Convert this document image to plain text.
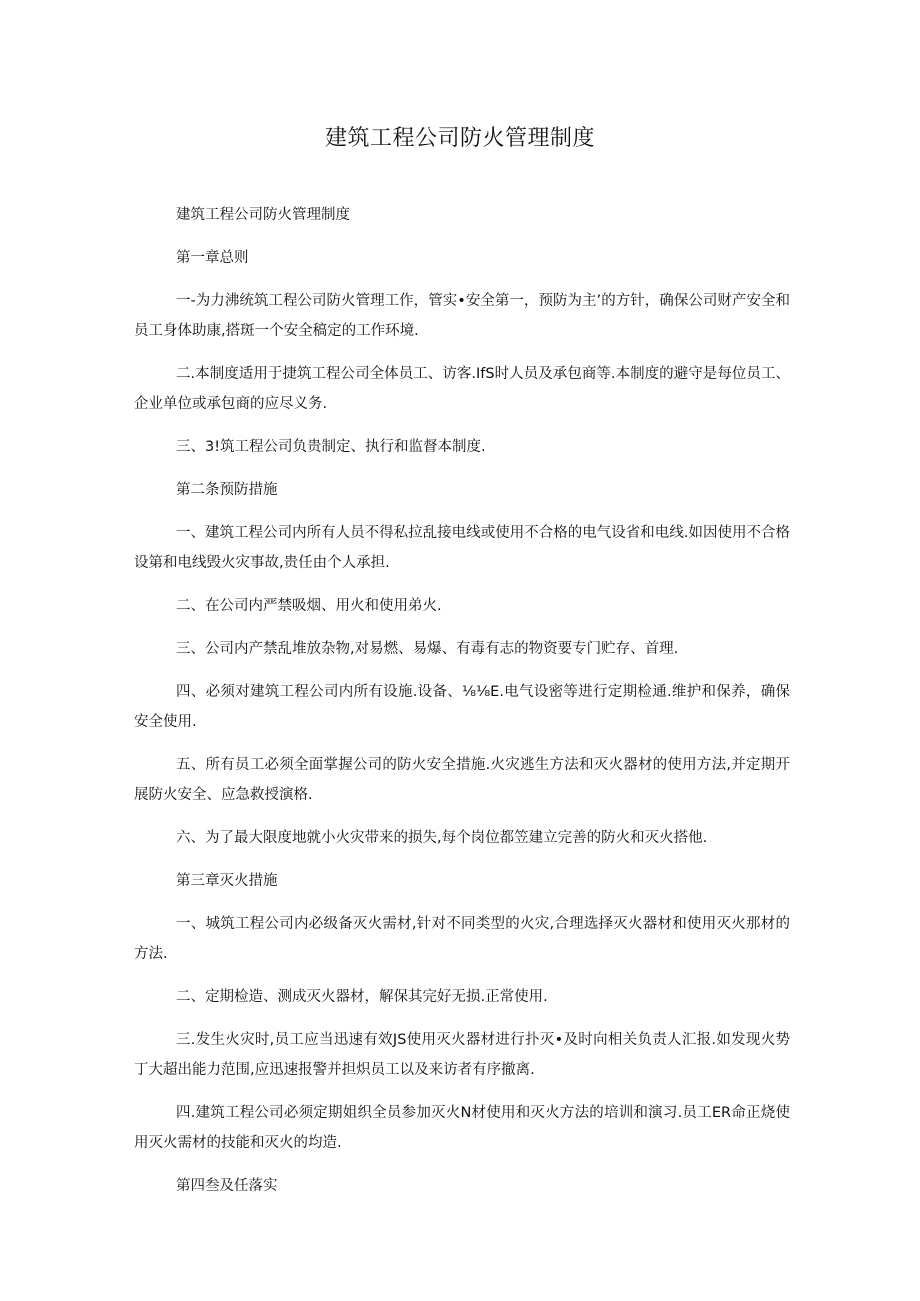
建筑工程公司防火管理制度

建筑工程公司防火管理制度

第一章总则

一-为力沸统筑工程公司防火管理工作，管实•安全第一，预防为主’的方针，确保公司财产安全和员工身体助康,搭斑一个安全稿定的工作环境.

二.本制度适用于捷筑工程公司全体员工、访客.IfS时人员及承包商等.本制度的避守是每位员工、企业单位或承包商的应尽义务.

三、3!筑工程公司负贵制定、执行和监督本制度.

第二条预防措施

一、建筑工程公司内所有人员不得私拉乱接电线或使用不合格的电气设省和电线.如因使用不合格设第和电线毁火灾事故,贵任由个人承担.

二、在公司内严禁吸烟、用火和使用弟火.

三、公司内产禁乱堆放杂物,对易燃、易爆、有毒有志的物资要专门贮存、首理.

四、必须对建筑工程公司内所有设施.设备、⅛⅛E.电气设密等进行定期检通.维护和保养，确保安全使用.

五、所有员工必须全面掌握公司的防火安全措施.火灾逃生方法和灭火器材的使用方法,并定期开展防火安全、应急救授演格.

六、为了最大限度地就小火灾带来的损失,每个岗位都笠建立完善的防火和灭火搭他.

第三章灭火措施

一、城筑工程公司内必级备灭火需材,针对不同类型的火灾,合理选择灭火器材和使用灭火那材的方法.

二、定期检造、测成灭火器材，解保其完好无损.正常使用.

三.发生火灾时,员工应当迅速有效JS使用灭火器材进行扑灭•及时向相关负责人汇报.如发现火势丁大超出能力范围,应迅速报警并担炽员工以及来访者有序撤离.

四.建筑工程公司必须定期姐织全员参加灭火N材使用和灭火方法的培训和演习.员工ER命正烧使用灭火需材的技能和灭火的均造.

第四叁及任落实
